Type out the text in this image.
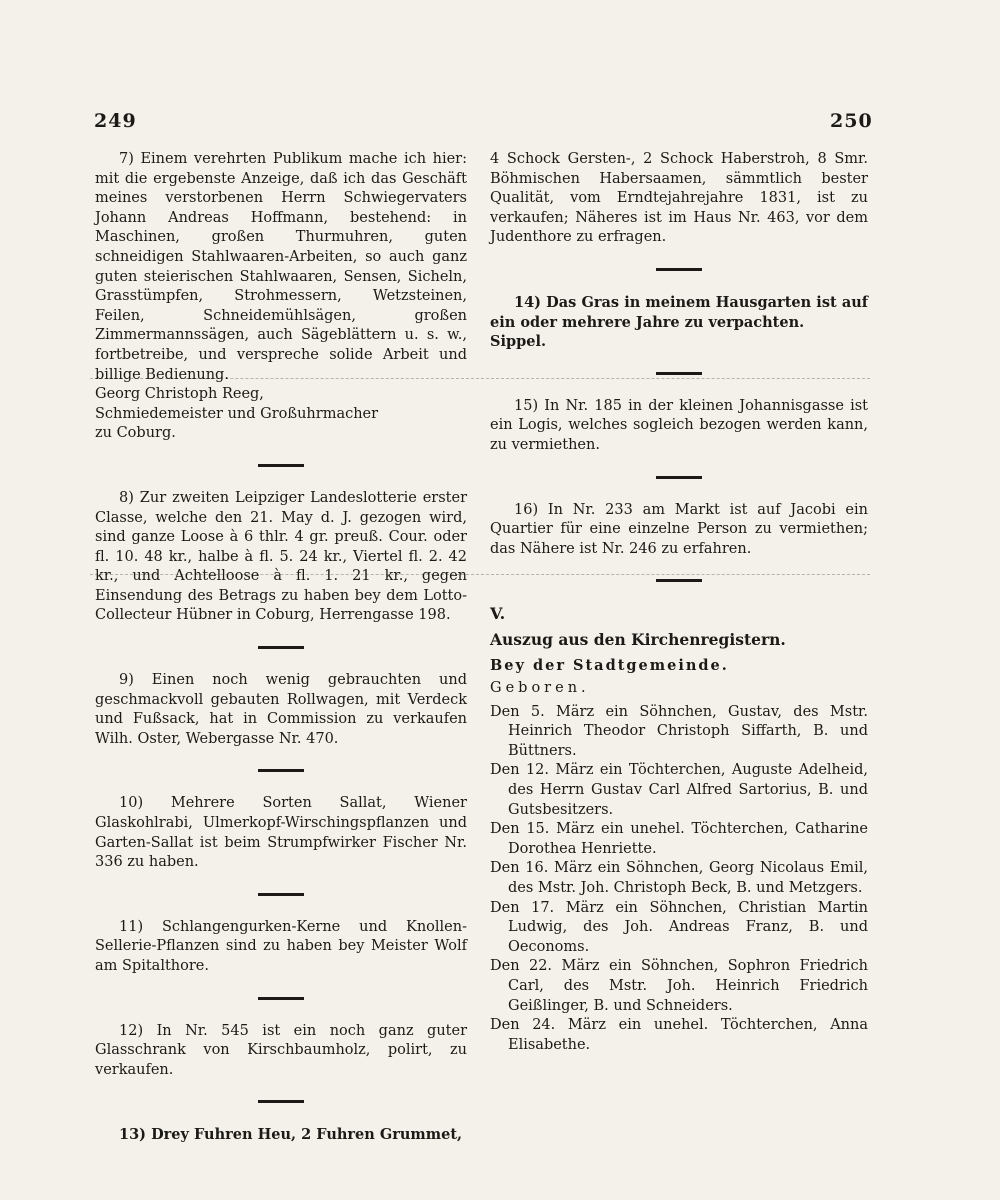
249	250

7) Einem verehrten Publikum mache ich hier: mit die ergebenste Anzeige, daß ich das Geschäft meines verstorbenen Herrn Schwiegervaters Johann Andreas Hoffmann, bestehend: in Maschinen, großen Thurmuhren, guten schneidigen Stahlwaaren-Arbeiten, so auch ganz guten steierischen Stahlwaaren, Sensen, Sicheln, Grasstümpfen, Strohmessern, Wetzsteinen, Feilen, Schneidemühlsägen, großen Zimmermannssägen, auch Sägeblättern u. s. w., fortbetreibe, und verspreche solide Arbeit und billige Bedienung.

Georg Christoph Reeg,

Schmiedemeister und Großuhrmacher

zu Coburg.

8) Zur zweiten Leipziger Landeslotterie erster Classe, welche den 21. May d. J. gezogen wird, sind ganze Loose à 6 thlr. 4 gr. preuß. Cour. oder fl. 10. 48 kr., halbe à fl. 5. 24 kr., Viertel fl. 2. 42 kr., und Achtelloose à fl. 1. 21 kr., gegen Einsendung des Betrags zu haben bey dem Lotto-Collecteur Hübner in Coburg, Herrengasse 198.

9) Einen noch wenig gebrauchten und geschmackvoll gebauten Rollwagen, mit Verdeck und Fußsack, hat in Commission zu verkaufen Wilh. Oster, Webergasse Nr. 470.

10) Mehrere Sorten Sallat, Wiener Glaskohlrabi, Ulmerkopf-Wirschingspflanzen und Garten-Sallat ist beim Strumpfwirker Fischer Nr. 336 zu haben.

11) Schlangengurken-Kerne und Knollen-Sellerie-Pflanzen sind zu haben bey Meister Wolf am Spitalthore.

12) In Nr. 545 ist ein noch ganz guter Glasschrank von Kirschbaumholz, polirt, zu verkaufen.

13) Drey Fuhren Heu, 2 Fuhren Grummet,

4 Schock Gersten-, 2 Schock Haberstroh, 8 Smr. Böhmischen Habersaamen, sämmtlich bester Qualität, vom Erndtejahrejahre 1831, ist zu verkaufen; Näheres ist im Haus Nr. 463, vor dem Judenthore zu erfragen.

14) Das Gras in meinem Hausgarten ist auf ein oder mehrere Jahre zu verpachten.

Sippel.

15) In Nr. 185 in der kleinen Johannisgasse ist ein Logis, welches sogleich bezogen werden kann, zu vermiethen.

16) In Nr. 233 am Markt ist auf Jacobi ein Quartier für eine einzelne Person zu vermiethen; das Nähere ist Nr. 246 zu erfahren.

V.

Auszug aus den Kirchenregistern.

Bey der Stadtgemeinde.

Geboren.

Den 5. März ein Söhnchen, Gustav, des Mstr. Heinrich Theodor Christoph Siffarth, B. und Büttners.

Den 12. März ein Töchterchen, Auguste Adelheid, des Herrn Gustav Carl Alfred Sartorius, B. und Gutsbesitzers.

Den 15. März ein unehel. Töchterchen, Catharine Dorothea Henriette.

Den 16. März ein Söhnchen, Georg Nicolaus Emil, des Mstr. Joh. Christoph Beck, B. und Metzgers.

Den 17. März ein Söhnchen, Christian Martin Ludwig, des Joh. Andreas Franz, B. und Oeconoms.

Den 22. März ein Söhnchen, Sophron Friedrich Carl, des Mstr. Joh. Heinrich Friedrich Geißlinger, B. und Schneiders.

Den 24. März ein unehel. Töchterchen, Anna Elisabethe.
